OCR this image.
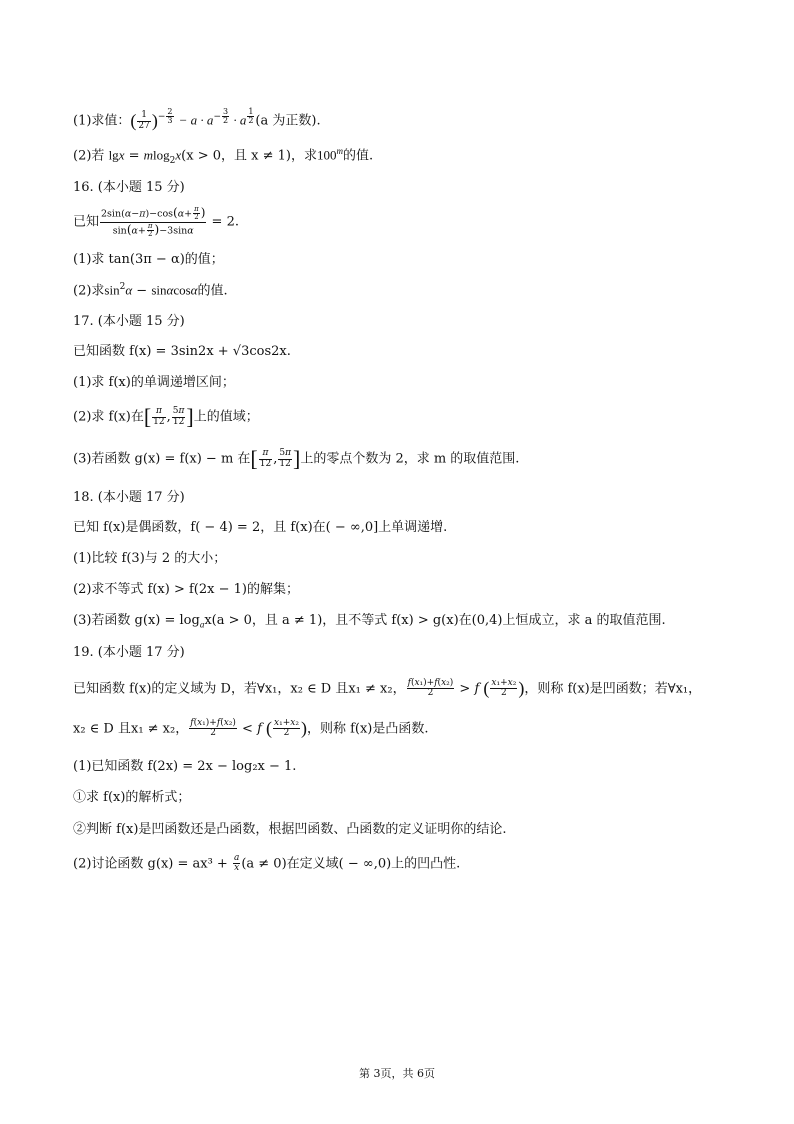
(1)求值：( $\frac{1}{27} )^{- \frac{2}{3}} - a \cdot a^{- \frac{3}{2}} \cdot a$ $^{\frac{1}{2}}$ (a 为正数).
(2)若 lgx = mlog$_2$x(x > 0，且 x ≠ 1)，求100$^m$的值.
16. (本小题 15 分)
已知 $\frac{2\sin(\alpha-\pi)-\cos(\alpha+ \frac{\pi}{2} )}{\sin(\alpha+ \frac{\pi}{2} )-3\sin\alpha} = 2$.
(1)求 tan(3π − α)的值；
(2)求$\sin^2\alpha - \sin\alpha\cos\alpha$的值.
17. (本小题 15 分)
已知函数 f(x) = 3sin2x + √3cos2x.
(1)求 f(x)的单调递增区间；
(2)求 f(x)在[ $\frac{\pi}{12}$ , $\frac{5\pi}{12}$ ]上的值域；
(3)若函数 g(x) = f(x) − m 在[ $\frac{\pi}{12}$ , $\frac{5\pi}{12}$ ]上的零点个数为 2，求 m 的取值范围.
18. (本小题 17 分)
已知 f(x)是偶函数，f( − 4) = 2，且 f(x)在( − ∞,0]上单调递增.
(1)比较 f(3)与 2 的大小；
(2)求不等式 f(x) > f(2x − 1)的解集；
(3)若函数 $g(x) = \log_ax(a > 0$，且 a ≠ 1)，且不等式 f(x) > g(x)在(0,4)上恒成立，求 a 的取值范围.
19. (本小题 17 分)
已知函数 f(x)的定义域为 D，若∀x₁，x₂ ∈ D 且x₁ ≠ x₂， $\frac{\text{f(x₁)+f(x₂)}}{2} > f$ ( $\frac{\text{x₁+x₂}}{2}$ )，则称 f(x)是凹函数；若∀x₁，
x₂ ∈ D 且x₁ ≠ x₂， $\frac{\text{f(x₁)+f(x₂)}}{2} < f$ ( $\frac{\text{x₁+x₂}}{2}$ )，则称 f(x)是凸函数.
(1)已知函数 f(2x) = 2x − log₂x − 1.
①求 f(x)的解析式；
②判断 f(x)是凹函数还是凸函数，根据凹函数、凸函数的定义证明你的结论.
(2)讨论函数 $g(x) = ax^3 + \frac{a}{x} (a \ne 0)$在定义域( − ∞,0)上的凹凸性.
第 3页，共 6页
